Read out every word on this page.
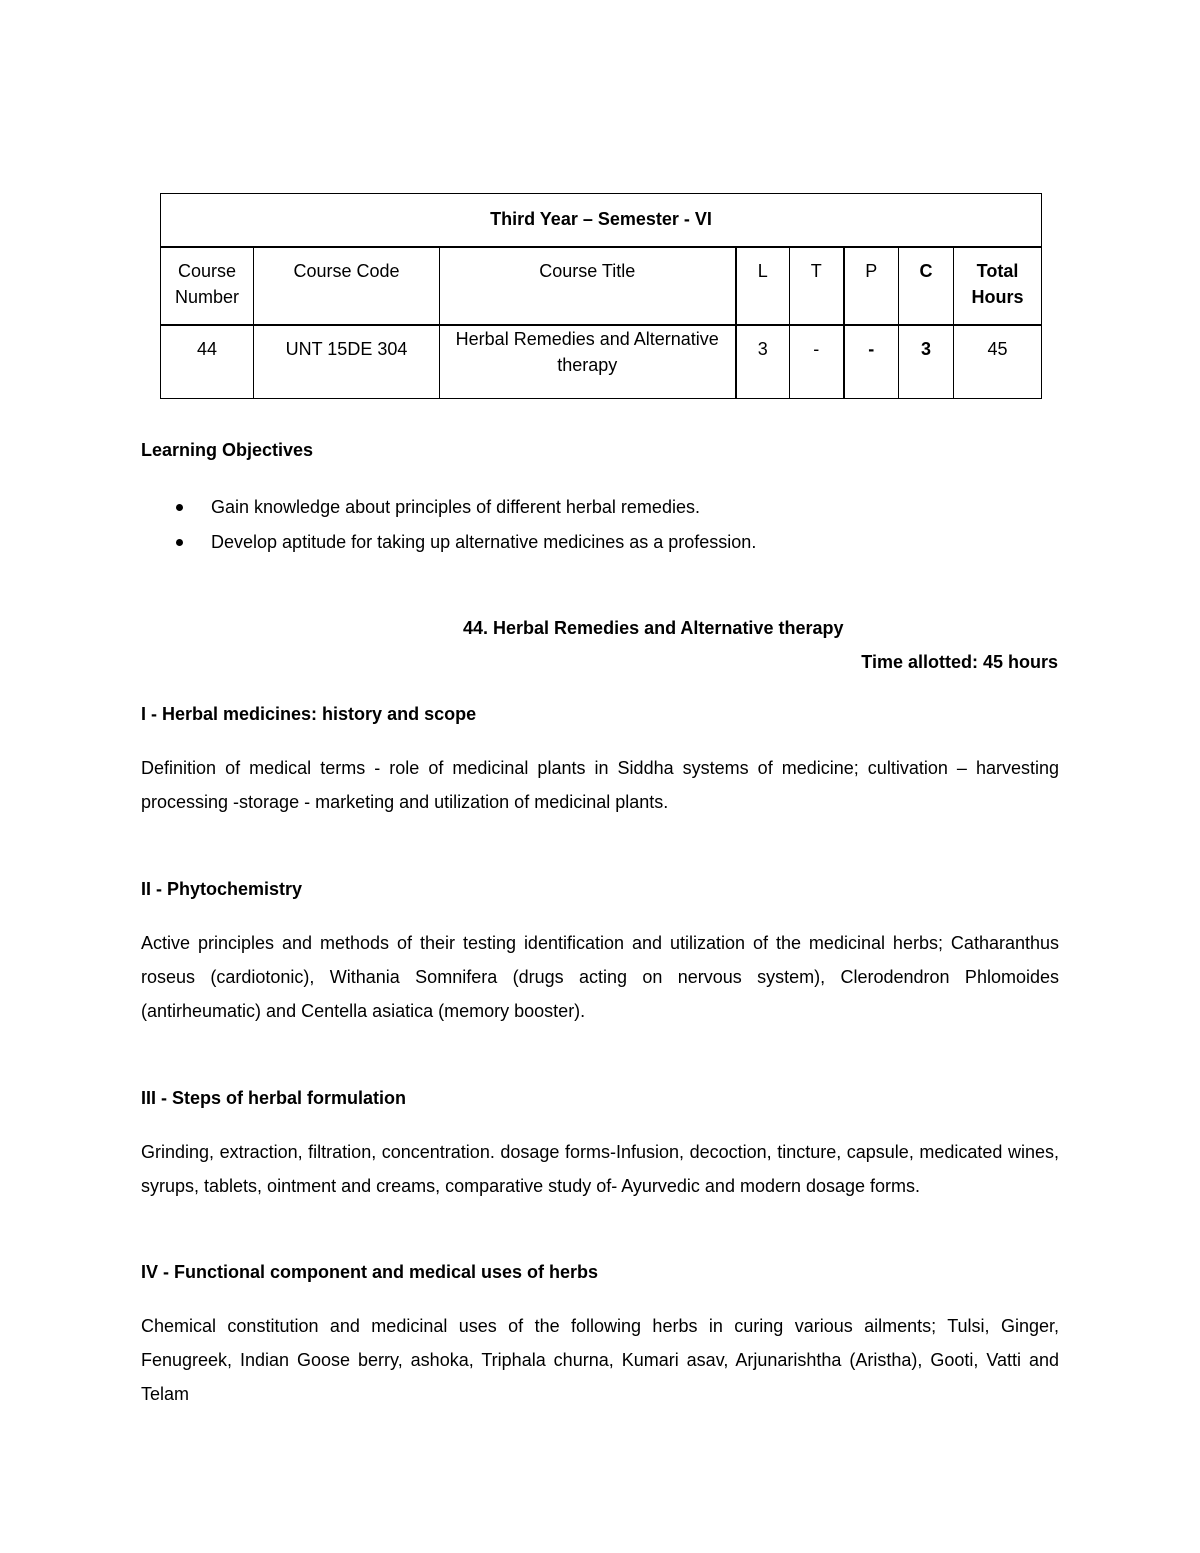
Third Year – Semester - VI							
Course Number	Course Code	Course Title	L	T	P	C	Total Hours
44	UNT 15DE 304	Herbal Remedies and Alternative therapy	3	-	-	3	45
Learning Objectives
Gain knowledge about principles of different herbal remedies.
Develop aptitude for taking up alternative medicines as a profession.
44. Herbal Remedies and Alternative therapy
Time allotted: 45 hours
I - Herbal medicines: history and scope
Definition of medical terms - role of medicinal plants in Siddha systems of medicine; cultivation – harvesting processing -storage - marketing and utilization of medicinal plants.
II - Phytochemistry
Active principles and methods of their testing identification and utilization of the medicinal herbs; Catharanthus roseus (cardiotonic), Withania Somnifera (drugs acting on nervous system), Clerodendron Phlomoides (antirheumatic) and Centella asiatica (memory booster).
III - Steps of herbal formulation
Grinding, extraction, filtration, concentration. dosage forms-Infusion, decoction, tincture, capsule, medicated wines, syrups, tablets, ointment and creams, comparative study of- Ayurvedic and modern dosage forms.
IV - Functional component and medical uses of herbs
Chemical constitution and medicinal uses of the following herbs in curing various ailments; Tulsi, Ginger, Fenugreek, Indian Goose berry, ashoka, Triphala churna, Kumari asav, Arjunarishtha (Aristha), Gooti, Vatti and Telam
